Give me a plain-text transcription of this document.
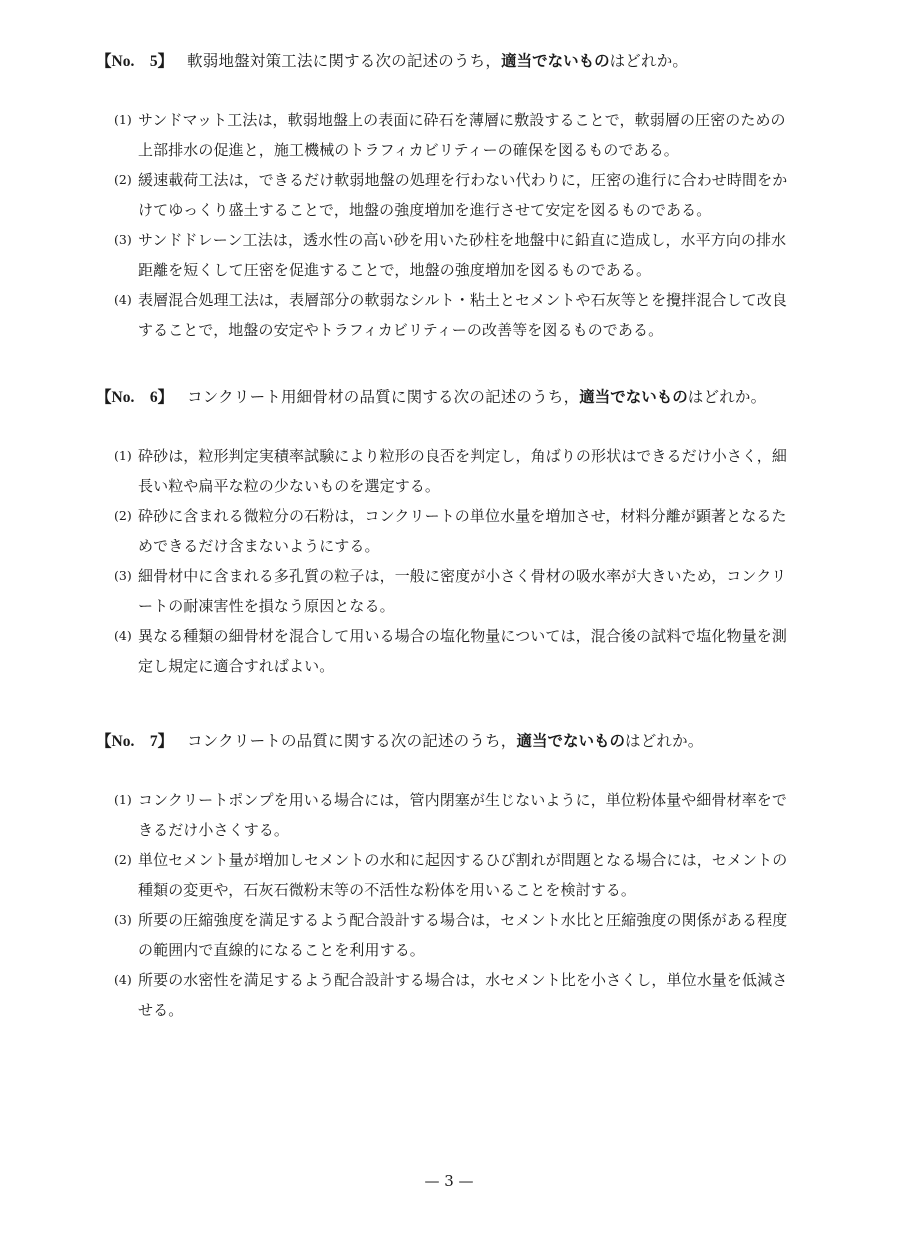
【No.　5】 軟弱地盤対策工法に関する次の記述のうち，適当でないものはどれか。
(1) サンドマット工法は，軟弱地盤上の表面に砕石を薄層に敷設することで，軟弱層の圧密のための上部排水の促進と，施工機械のトラフィカビリティーの確保を図るものである。
(2) 緩速載荷工法は，できるだけ軟弱地盤の処理を行わない代わりに，圧密の進行に合わせ時間をかけてゆっくり盛土することで，地盤の強度増加を進行させて安定を図るものである。
(3) サンドドレーン工法は，透水性の高い砂を用いた砂柱を地盤中に鉛直に造成し，水平方向の排水距離を短くして圧密を促進することで，地盤の強度増加を図るものである。
(4) 表層混合処理工法は，表層部分の軟弱なシルト・粘土とセメントや石灰等とを攪拌混合して改良することで，地盤の安定やトラフィカビリティーの改善等を図るものである。
【No.　6】 コンクリート用細骨材の品質に関する次の記述のうち，適当でないものはどれか。
(1) 砕砂は，粒形判定実積率試験により粒形の良否を判定し，角ばりの形状はできるだけ小さく，細長い粒や扁平な粒の少ないものを選定する。
(2) 砕砂に含まれる微粒分の石粉は，コンクリートの単位水量を増加させ，材料分離が顕著となるためできるだけ含まないようにする。
(3) 細骨材中に含まれる多孔質の粒子は，一般に密度が小さく骨材の吸水率が大きいため，コンクリートの耐凍害性を損なう原因となる。
(4) 異なる種類の細骨材を混合して用いる場合の塩化物量については，混合後の試料で塩化物量を測定し規定に適合すればよい。
【No.　7】 コンクリートの品質に関する次の記述のうち，適当でないものはどれか。
(1) コンクリートポンプを用いる場合には，管内閉塞が生じないように，単位粉体量や細骨材率をできるだけ小さくする。
(2) 単位セメント量が増加しセメントの水和に起因するひび割れが問題となる場合には，セメントの種類の変更や，石灰石微粉末等の不活性な粉体を用いることを検討する。
(3) 所要の圧縮強度を満足するよう配合設計する場合は，セメント水比と圧縮強度の関係がある程度の範囲内で直線的になることを利用する。
(4) 所要の水密性を満足するよう配合設計する場合は，水セメント比を小さくし，単位水量を低減させる。
— 3 —
